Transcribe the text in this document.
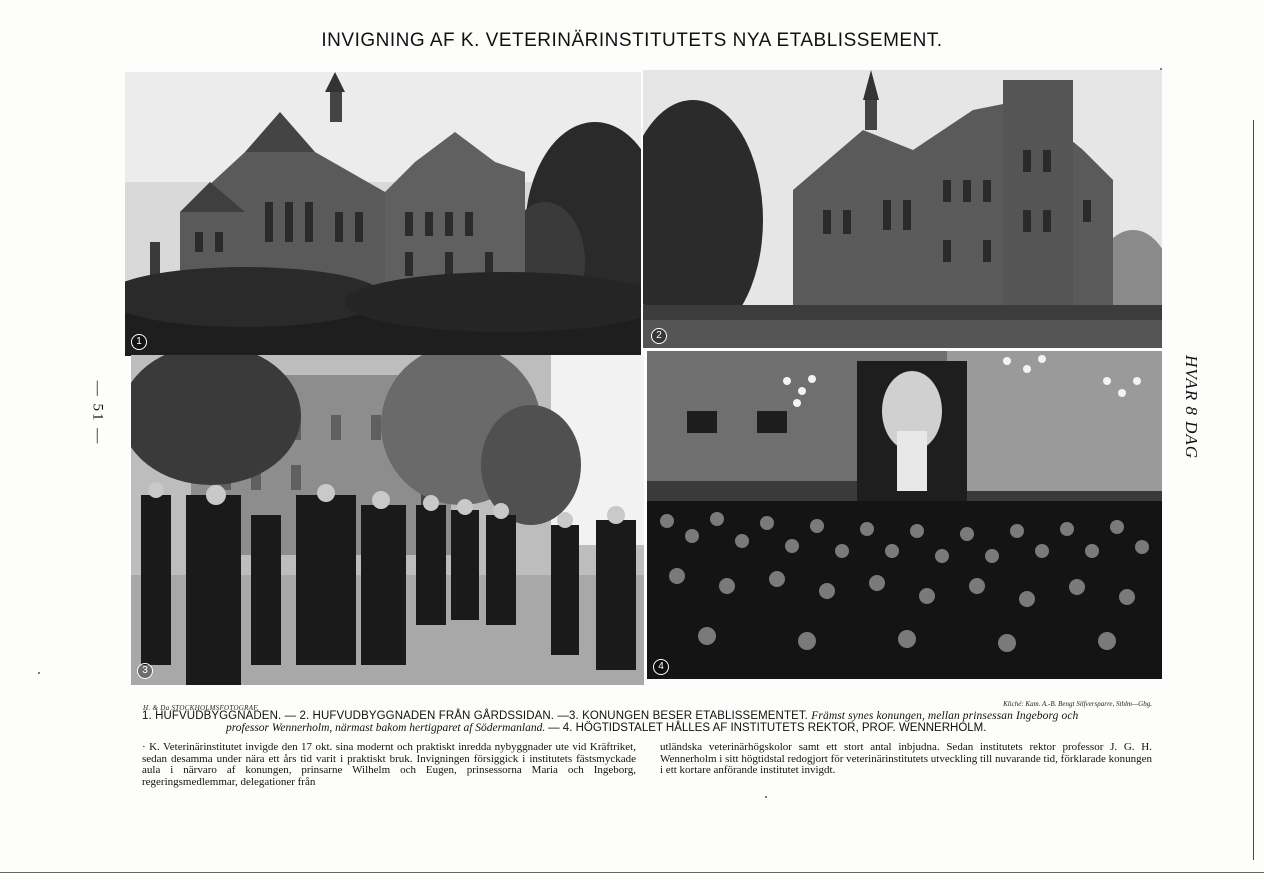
INVIGNING AF K. VETERINÄRINSTITUTETS NYA ETABLISSEMENT.
1
2
3	4
H. & Da STOCKHOLMSFOTOGRAF.	Kliché: Kam. A.-B. Bengt Silfversparre, Sthlm—Gbg.
1. HUFVUDBYGGNADEN. — 2. HUFVUDBYGGNADEN FRÅN GÅRDSSIDAN. —3. KONUNGEN BESER ETABLISSEMENTET. Främst synes konungen, mellan prinsessan Ingeborg och
professor Wennerholm, närmast bakom hertigparet af Södermanland. — 4. HÖGTIDSTALET HÅLLES AF INSTITUTETS REKTOR, PROF. WENNERHOLM.
· K. Veterinärinstitutet invigde den 17 okt. sina modernt och praktiskt inredda nybyggnader ute vid Kräftriket, sedan desamma under nära ett års tid varit i praktiskt bruk. Invigningen försiggick i institutets fästsmyckade aula i närvaro af konungen, prinsarne Wilhelm och Eugen, prinsessorna Maria och Ingeborg, regeringsmedlemmar, delegationer från
utländska veterinärhögskolor samt ett stort antal inbjudna. Sedan institutets rektor professor J. G. H. Wennerholm i sitt högtidstal redogjort för veterinärinstitutets utveckling till nuvarande tid, förklarade konungen i ett kortare anförande institutet invigdt.
HVAR 8 DAG
— 51 —
